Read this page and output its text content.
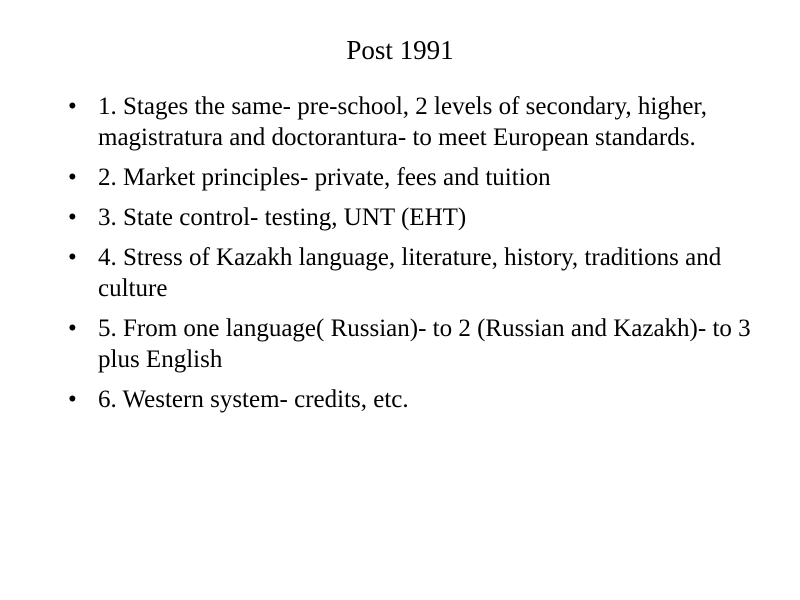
Post 1991
• 1. Stages the same- pre-school, 2 levels of secondary, higher, magistratura and doctorantura- to meet European standards.
• 2. Market principles- private, fees and tuition
• 3. State control- testing, UNT (EHT)
• 4. Stress of Kazakh language, literature, history, traditions and culture
• 5. From one language( Russian)- to 2 (Russian and Kazakh)- to 3 plus English
• 6. Western system- credits, etc.
